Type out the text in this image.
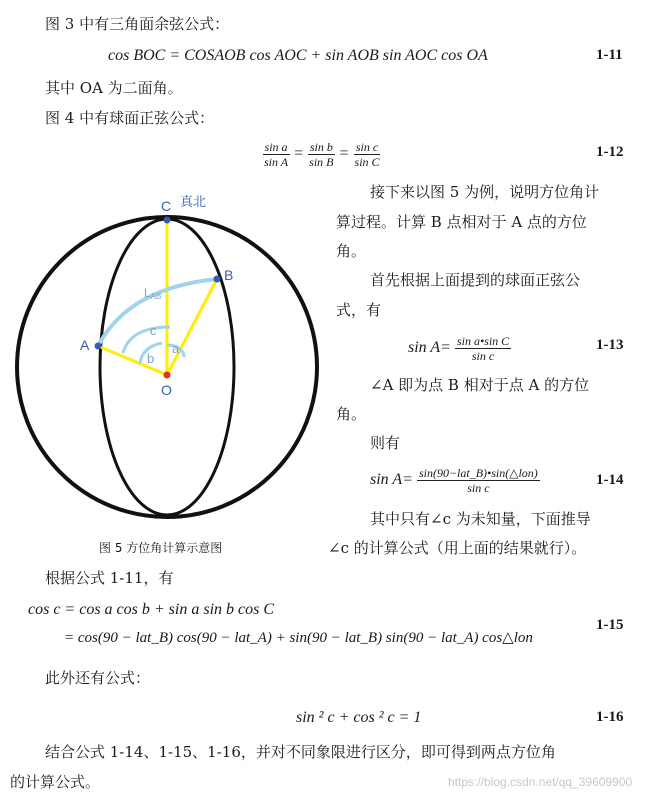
图 3 中有三角面余弦公式：
cos BOC = COSAOB cos AOC + sin AOB sin AOC cos OA	1-11
其中 OA 为二面角。
图 4 中有球面正弦公式：
$\frac{\text{sin a}}{\text{sin A}} = \frac{\text{sin b}}{\text{sin B}} = \frac{\text{sin c}}{\text{sin C}}$	1-12
C 真北
B
A
O
LAB
c
b
a
图 5 方位角计算示意图
接下来以图 5 为例，说明方位角计
算过程。计算 B 点相对于 A 点的方位
角。
首先根据上面提到的球面正弦公
式，有
$\sin A= \frac{\text{sin a•sin C}}{\text{sin c}}$	1-13
∠A 即为点 B 相对于点 A 的方位
角。
则有
$\sin A= \frac{\text{sin(90−lat\_B)•sin(△lon)}}{\text{sin c}}$	1-14
其中只有∠c 为未知量，下面推导
∠c 的计算公式（用上面的结果就行）。
根据公式 1-11，有
cos c = cos a cos b + sin a sin b cos C
= cos(90 − lat_B) cos(90 − lat_A) + sin(90 − lat_B) sin(90 − lat_A) cos△lon
1-15
此外还有公式：
sin ² c + cos ² c = 1	1-16
结合公式 1-14、1-15、1-16，并对不同象限进行区分，即可得到两点方位角
的计算公式。	https://blog.csdn.net/qq_39609900
